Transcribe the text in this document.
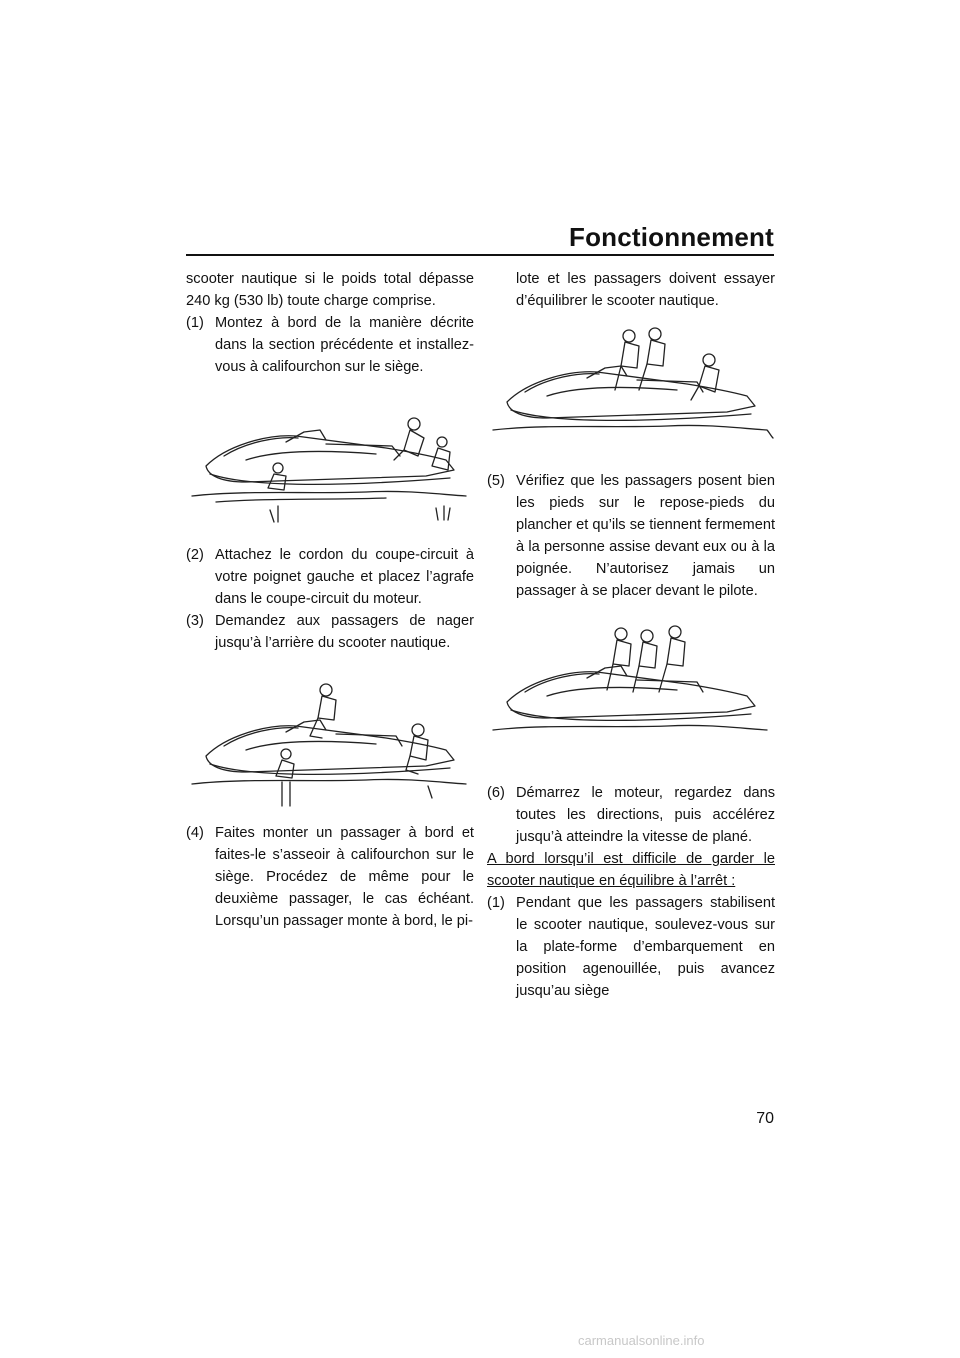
Fonctionnement

scooter nautique si le poids total dépasse 240 kg (530 lb) toute charge comprise.

(1) Montez à bord de la manière décrite dans la section précédente et installez-vous à califourchon sur le siège.
(2) Attachez le cordon du coupe-circuit à votre poignet gauche et placez l’agrafe dans le coupe-circuit du moteur.
(3) Demandez aux passagers de nager jusqu’à l’arrière du scooter nautique.
(4) Faites monter un passager à bord et faites-le s’asseoir à califourchon sur le siège. Procédez de même pour le deuxième passager, le cas échéant. Lorsqu’un passager monte à bord, le pi-

lote et les passagers doivent essayer d’équilibrer le scooter nautique.

(5) Vérifiez que les passagers posent bien les pieds sur le repose-pieds du plancher et qu’ils se tiennent fermement à la personne assise devant eux ou à la poignée. N’autorisez jamais un passager à se placer devant le pilote.
(6) Démarrez le moteur, regardez dans toutes les directions, puis accélérez jusqu’à atteindre la vitesse de plané.

A bord lorsqu’il est difficile de garder le scooter nautique en équilibre à l’arrêt :

(1) Pendant que les passagers stabilisent le scooter nautique, soulevez-vous sur la plate-forme d’embarquement en position agenouillée, puis avancez jusqu’au siège
70
carmanualsonline.info
